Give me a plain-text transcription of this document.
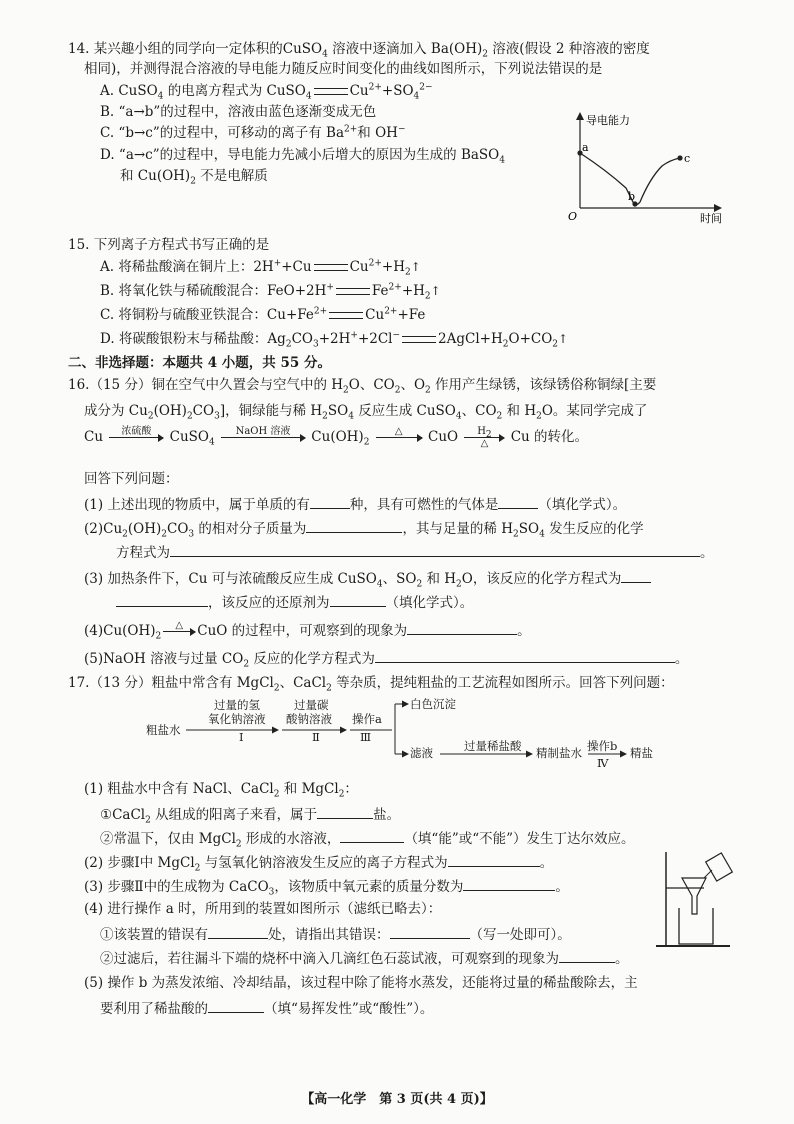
14. 某兴趣小组的同学向一定体积的CuSO$_4$ 溶液中逐滴加入 $Ba(OH)_2$ 溶液(假设 2 种溶液的密度
相同)，并测得混合溶液的导电能力随反应时间变化的曲线如图所示，下列说法错误的是
A. CuSO$_4$ 的电离方程式为 CuSO$_4$	$Cu^{2+}+SO_4^{2-}$
B. “a→b”的过程中，溶液由蓝色逐渐变成无色
C. “b→c”的过程中，可移动的离子有 $Ba^{2+}$和 OH−
D. “a→c”的过程中，导电能力先减小后增大的原因为生成的 BaSO$_4$
和 $Cu(OH)_2$ 不是电解质
导电能力
时间
O
a
b
c
15. 下列离子方程式书写正确的是
A. 将稀盐酸滴在铜片上：2H++Cu	$Cu^{2+}+H_2↑$
B. 将氧化铁与稀硫酸混合：FeO+2H+	$Fe^{2+}+H_2↑$
C. 将铜粉与硫酸亚铁混合：$Cu+Fe^{2+}$	$Cu^{2+}+Fe$
D. 将碳酸银粉末与稀盐酸：$Ag_2CO_3+2H^++2Cl^-$	$2AgCl+H_2O+CO_2↑$
二、非选择题：本题共 4 小题，共 55 分。
16.（15 分）铜在空气中久置会与空气中的 $H_2O$、$CO_2$、$O_2$ 作用产生绿锈，该绿锈俗称铜绿[主要
成分为 $Cu_2(OH)_2CO_3$]，铜绿能与稀 $H_2SO_4$ 反应生成 CuSO$_4$、$CO_2$ 和 $H_2O$。某同学完成了
Cu	浓硫酸	CuSO$_4$
NaOH 溶液	$Cu(OH)_2$
△	CuO	$H_2$
△	Cu 的转化。
回答下列问题：
(1) 上述出现的物质中，属于单质的有	种，具有可燃性的气体是	（填化学式）。
$(2)Cu_2(OH)_2CO_3$ 的相对分子质量为	，其与足量的稀 $H_2SO_4$ 发生反应的化学
方程式为	。
(3) 加热条件下，Cu 可与浓硫酸反应生成 CuSO$_4$、$SO_2$ 和 $H_2O$，该反应的化学方程式为
，该反应的还原剂为	（填化学式）。
$(4)Cu(OH)_2$
△	CuO 的过程中，可观察到的现象为	。
(5)NaOH 溶液与过量 $CO_2$ 反应的化学方程式为	。
17.（13 分）粗盐中常含有 MgCl$_2$、CaCl$_2$ 等杂质，提纯粗盐的工艺流程如图所示。回答下列问题：
粗盐水
过量的氢
氧化钠溶液
Ⅰ
过量碳
酸钠溶液
Ⅱ
操作a
Ⅲ
白色沉淀
滤液	过量稀盐酸 精制盐水 操作b
Ⅳ
精盐
(1) 粗盐水中含有 NaCl、CaCl$_2$ 和 MgCl$_2$：
①CaCl$_2$ 从组成的阳离子来看，属于	盐。
②常温下，仅由 MgCl$_2$ 形成的水溶液，	（填“能”或“不能”）发生丁达尔效应。
(2) 步骤Ⅰ中 MgCl$_2$ 与氢氧化钠溶液发生反应的离子方程式为	。
(3) 步骤Ⅱ中的生成物为 CaCO$_3$，该物质中氧元素的质量分数为	。
(4) 进行操作 a 时，所用到的装置如图所示（滤纸已略去）：
①该装置的错误有	处，请指出其错误：	（写一处即可）。
②过滤后，若往漏斗下端的烧杯中滴入几滴红色石蕊试液，可观察到的现象为	。
(5) 操作 b 为蒸发浓缩、冷却结晶，该过程中除了能将水蒸发，还能将过量的稀盐酸除去，主
要利用了稀盐酸的	（填“易挥发性”或“酸性”）。
【高一化学　第 3 页(共 4 页)】
